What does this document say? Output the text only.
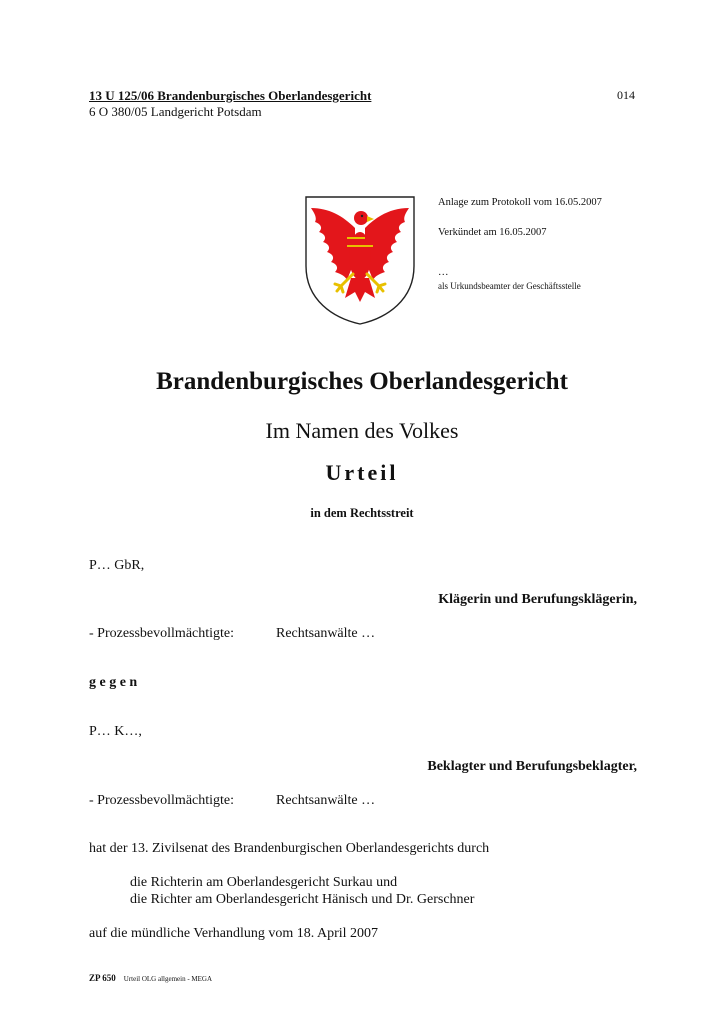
13 U 125/06 Brandenburgisches Oberlandesgericht
6 O 380/05 Landgericht Potsdam
014
Anlage zum Protokoll vom 16.05.2007
Verkündet am 16.05.2007
…
als Urkundsbeamter der Geschäftsstelle
Brandenburgisches Oberlandesgericht
Im Namen des Volkes
Urteil
in dem Rechtsstreit
P… GbR,
Klägerin und Berufungsklägerin,
- Prozessbevollmächtigte:	Rechtsanwälte …
g e g e n
P… K…,
Beklagter und Berufungsbeklagter,
- Prozessbevollmächtigte:	Rechtsanwälte …
hat der 13. Zivilsenat des Brandenburgischen Oberlandesgerichts durch
die Richterin am Oberlandesgericht Surkau und
die Richter am Oberlandesgericht Hänisch und Dr. Gerschner
auf die mündliche Verhandlung vom 18. April 2007
ZP 650 Urteil OLG allgemein - MEGA
